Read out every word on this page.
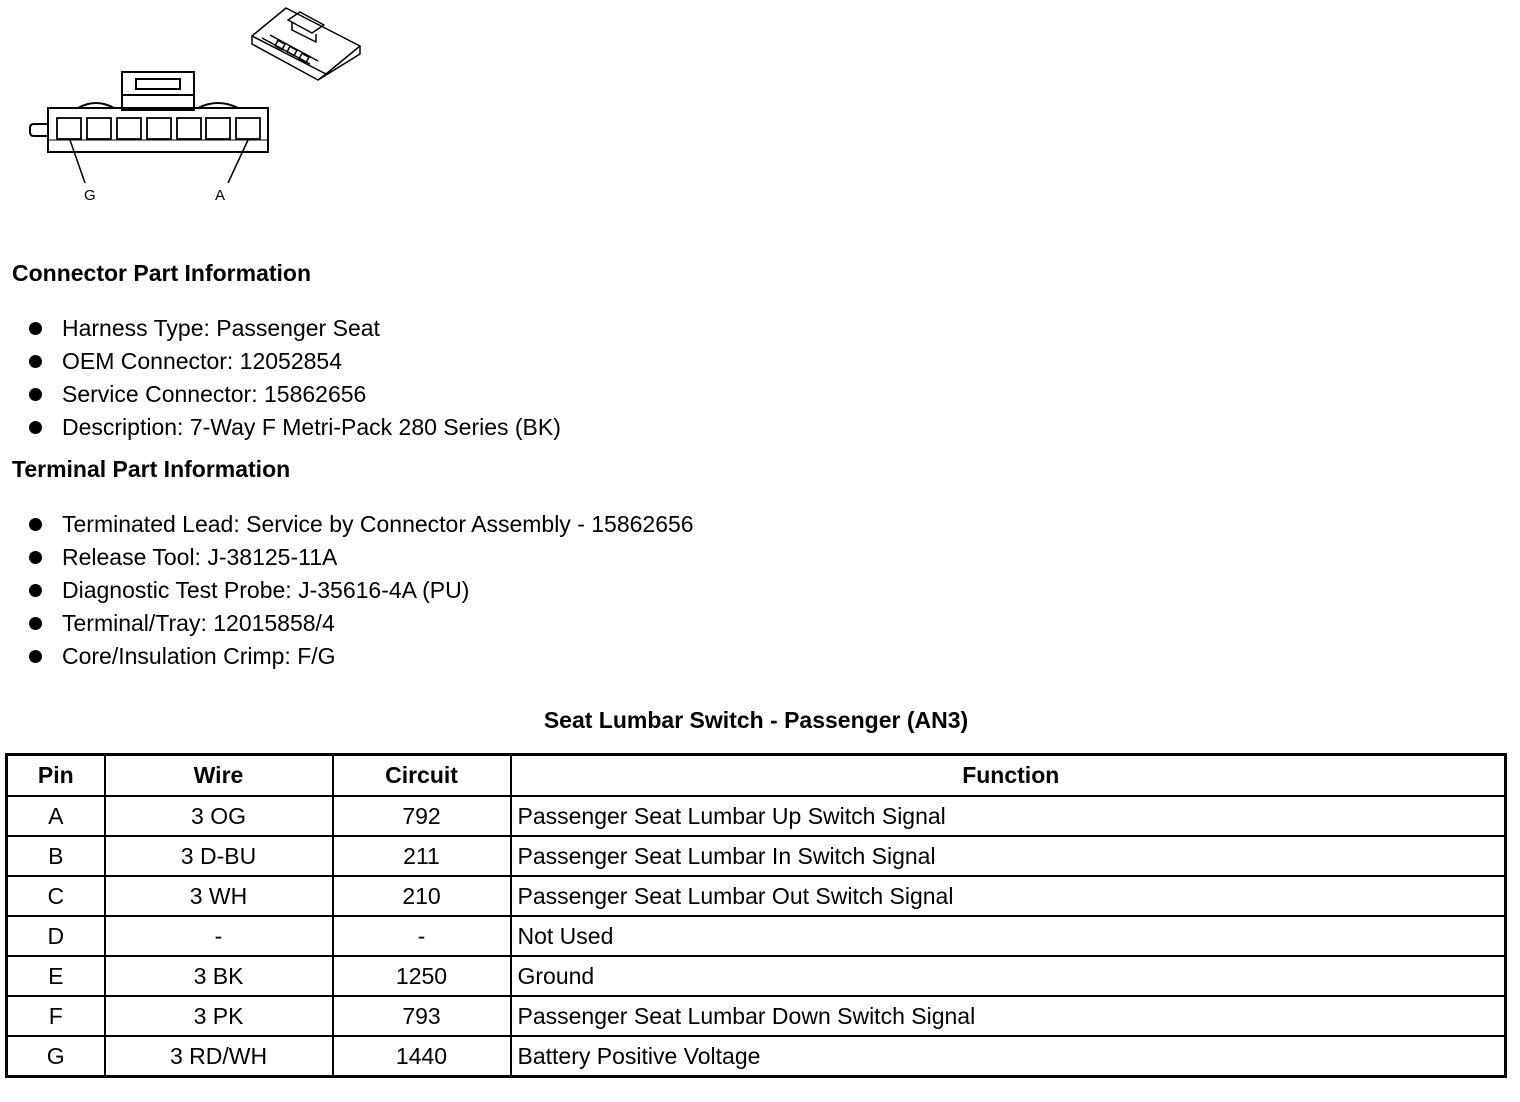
G	A
Connector Part Information
Harness Type: Passenger Seat
OEM Connector: 12052854
Service Connector: 15862656
Description: 7-Way F Metri-Pack 280 Series (BK)
Terminal Part Information
Terminated Lead: Service by Connector Assembly - 15862656
Release Tool: J-38125-11A
Diagnostic Test Probe: J-35616-4A (PU)
Terminal/Tray: 12015858/4
Core/Insulation Crimp: F/G
Seat Lumbar Switch - Passenger (AN3)
Pin	Wire	Circuit	Function
A	3 OG	792	Passenger Seat Lumbar Up Switch Signal
B	3 D-BU	211	Passenger Seat Lumbar In Switch Signal
C	3 WH	210	Passenger Seat Lumbar Out Switch Signal
D	-	-	Not Used
E	3 BK	1250	Ground
F	3 PK	793	Passenger Seat Lumbar Down Switch Signal
G	3 RD/WH	1440	Battery Positive Voltage
